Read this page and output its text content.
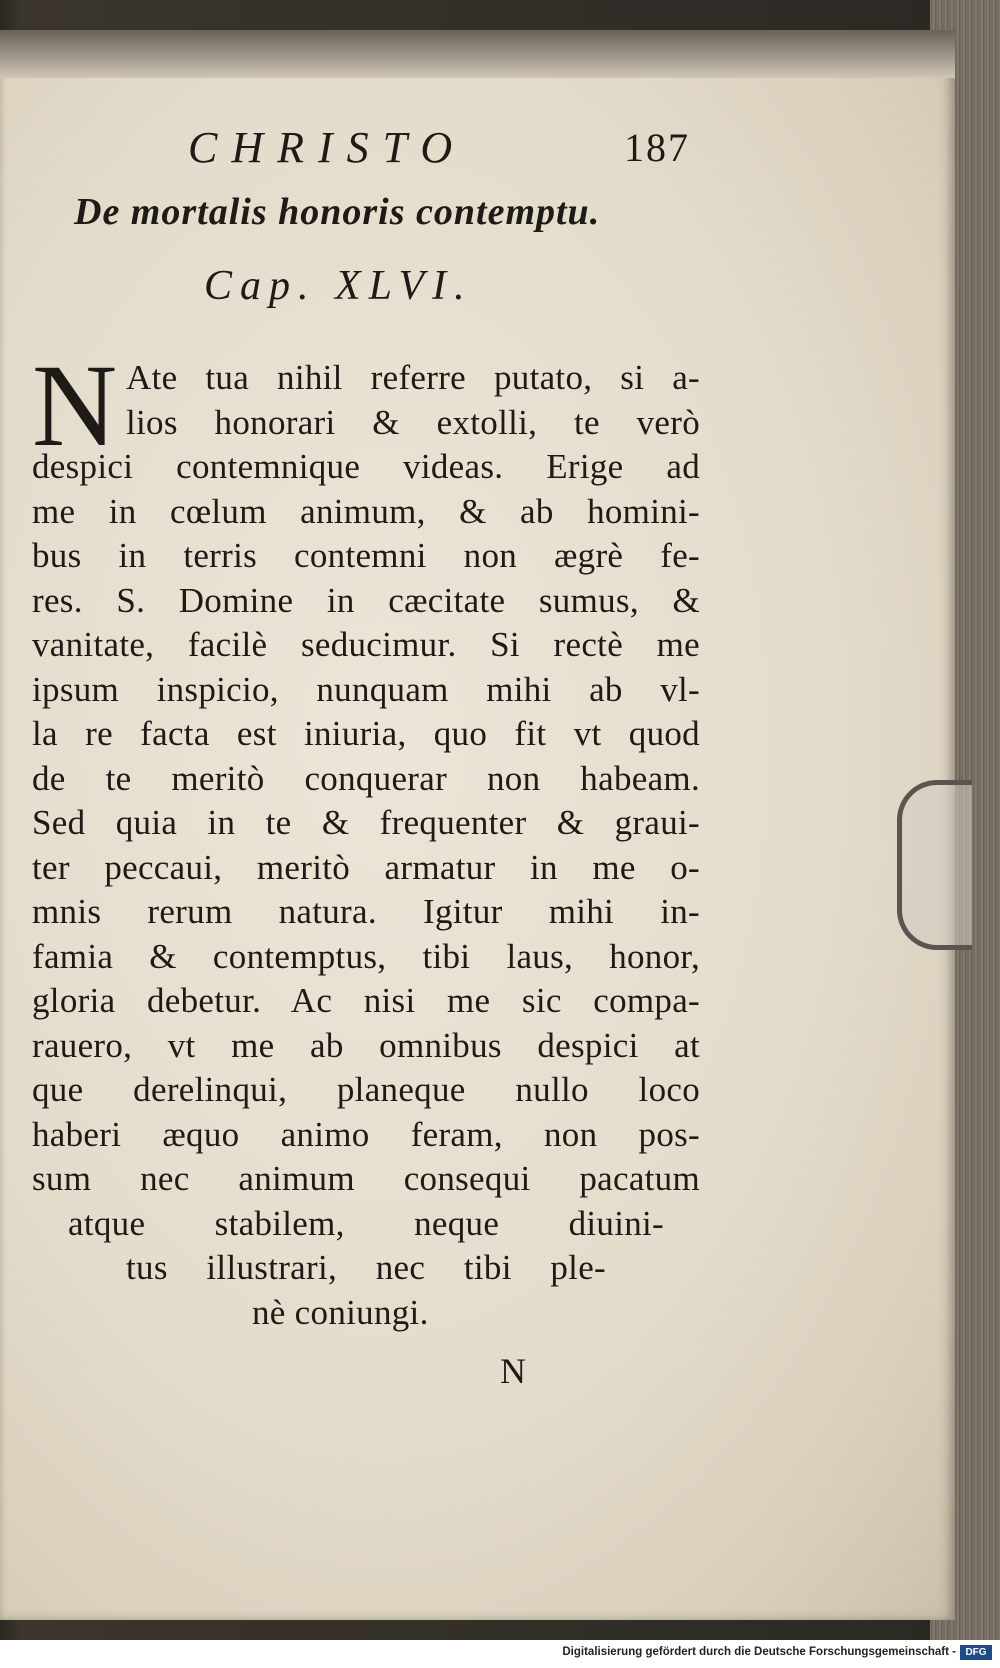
CHRISTO	187
De mortalis honoris contemptu.
Cap. XLVI.
N Ate tua nihil referre putato, si a-
lios honorari & extolli, te verò
despici contemnique videas. Erige ad
me in cœlum animum, & ab homini-
bus in terris contemni non ægrè fe-
res. S. Domine in cæcitate sumus, &
vanitate, facilè seducimur. Si rectè me
ipsum inspicio, nunquam mihi ab vl-
la re facta est iniuria, quo fit vt quod
de te meritò conquerar non habeam.
Sed quia in te & frequenter & graui-
ter peccaui, meritò armatur in me o-
mnis rerum natura. Igitur mihi in-
famia & contemptus, tibi laus, honor,
gloria debetur. Ac nisi me sic compa-
rauero, vt me ab omnibus despici at
que derelinqui, planeque nullo loco
haberi æquo animo feram, non pos-
sum nec animum consequi pacatum
atque stabilem, neque diuini-
tus illustrari, nec tibi ple-
nè coniungi.
N
Digitalisierung gefördert durch die Deutsche Forschungsgemeinschaft - DFG
